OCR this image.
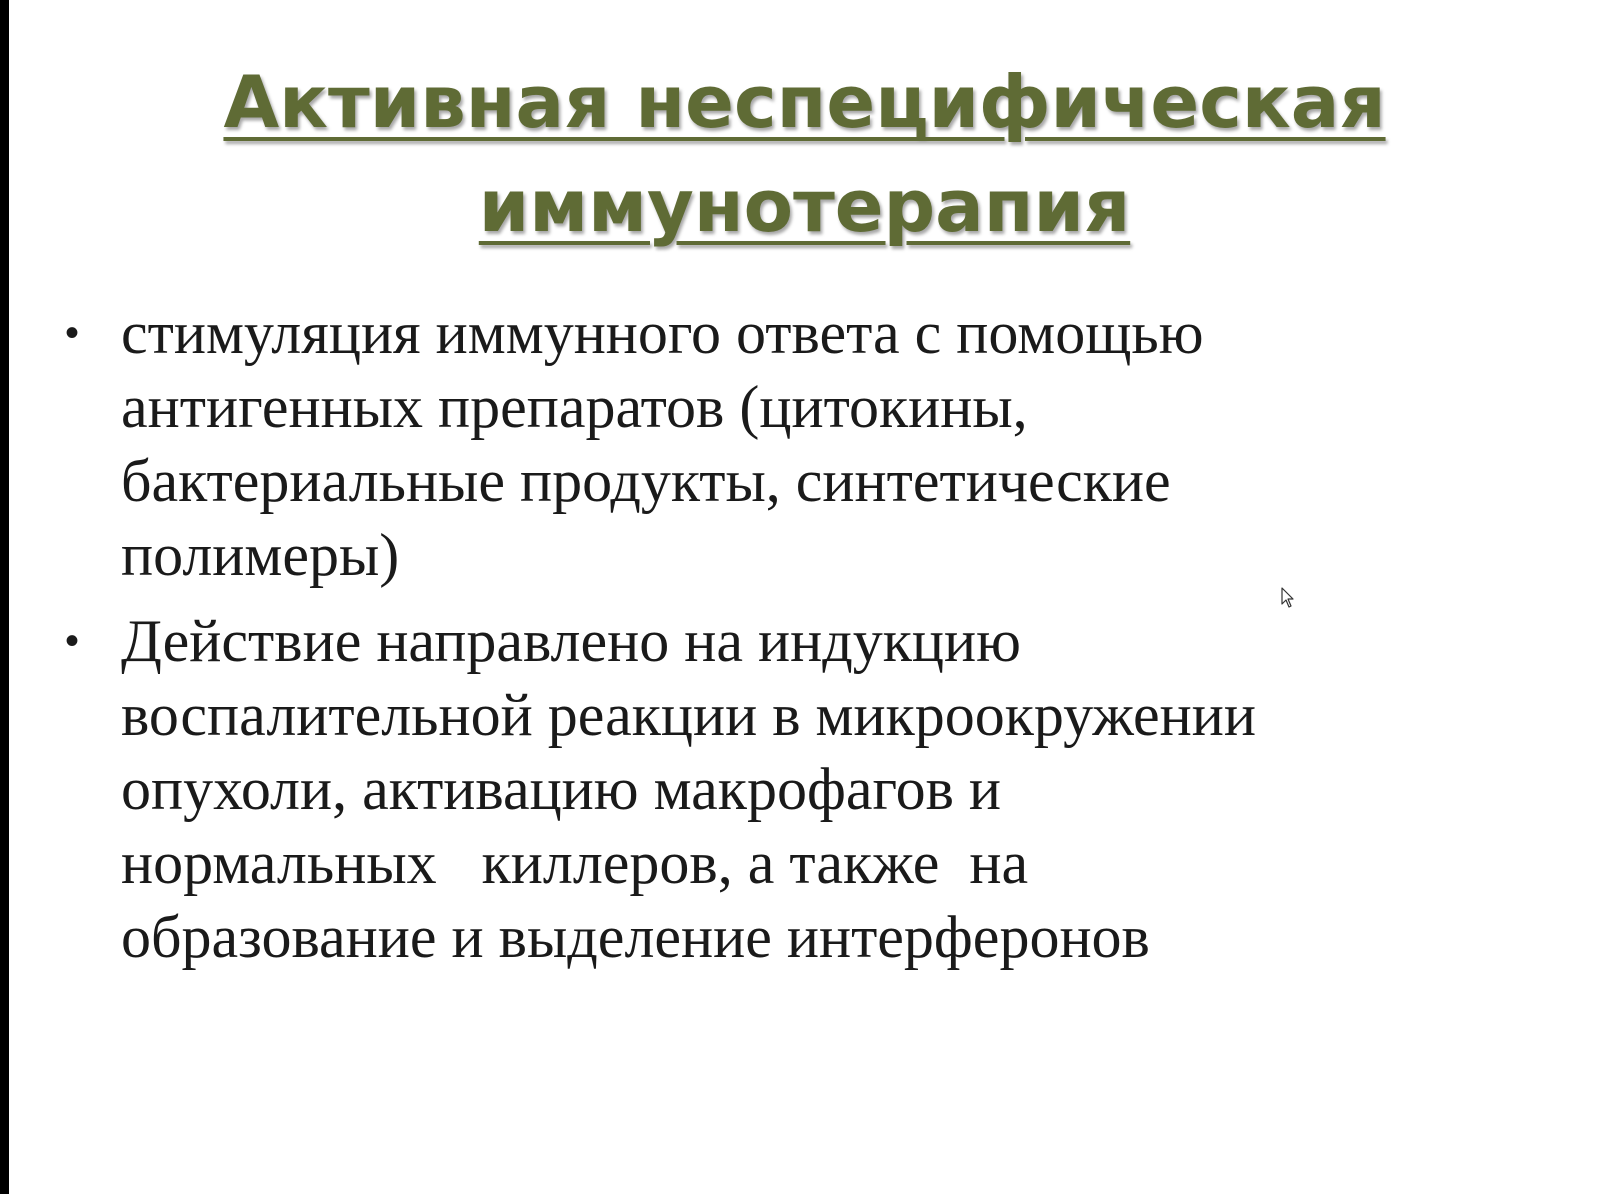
Активная неспецифическая
иммунотерапия
• стимуляция иммунного ответа с помощью
антигенных препаратов (цитокины,
бактериальные продукты, синтетические
полимеры)
• Действие направлено на индукцию
воспалительной реакции в микроокружении
опухоли, активацию макрофагов и
нормальных   киллеров, а также  на
образование и выделение интерферонов
